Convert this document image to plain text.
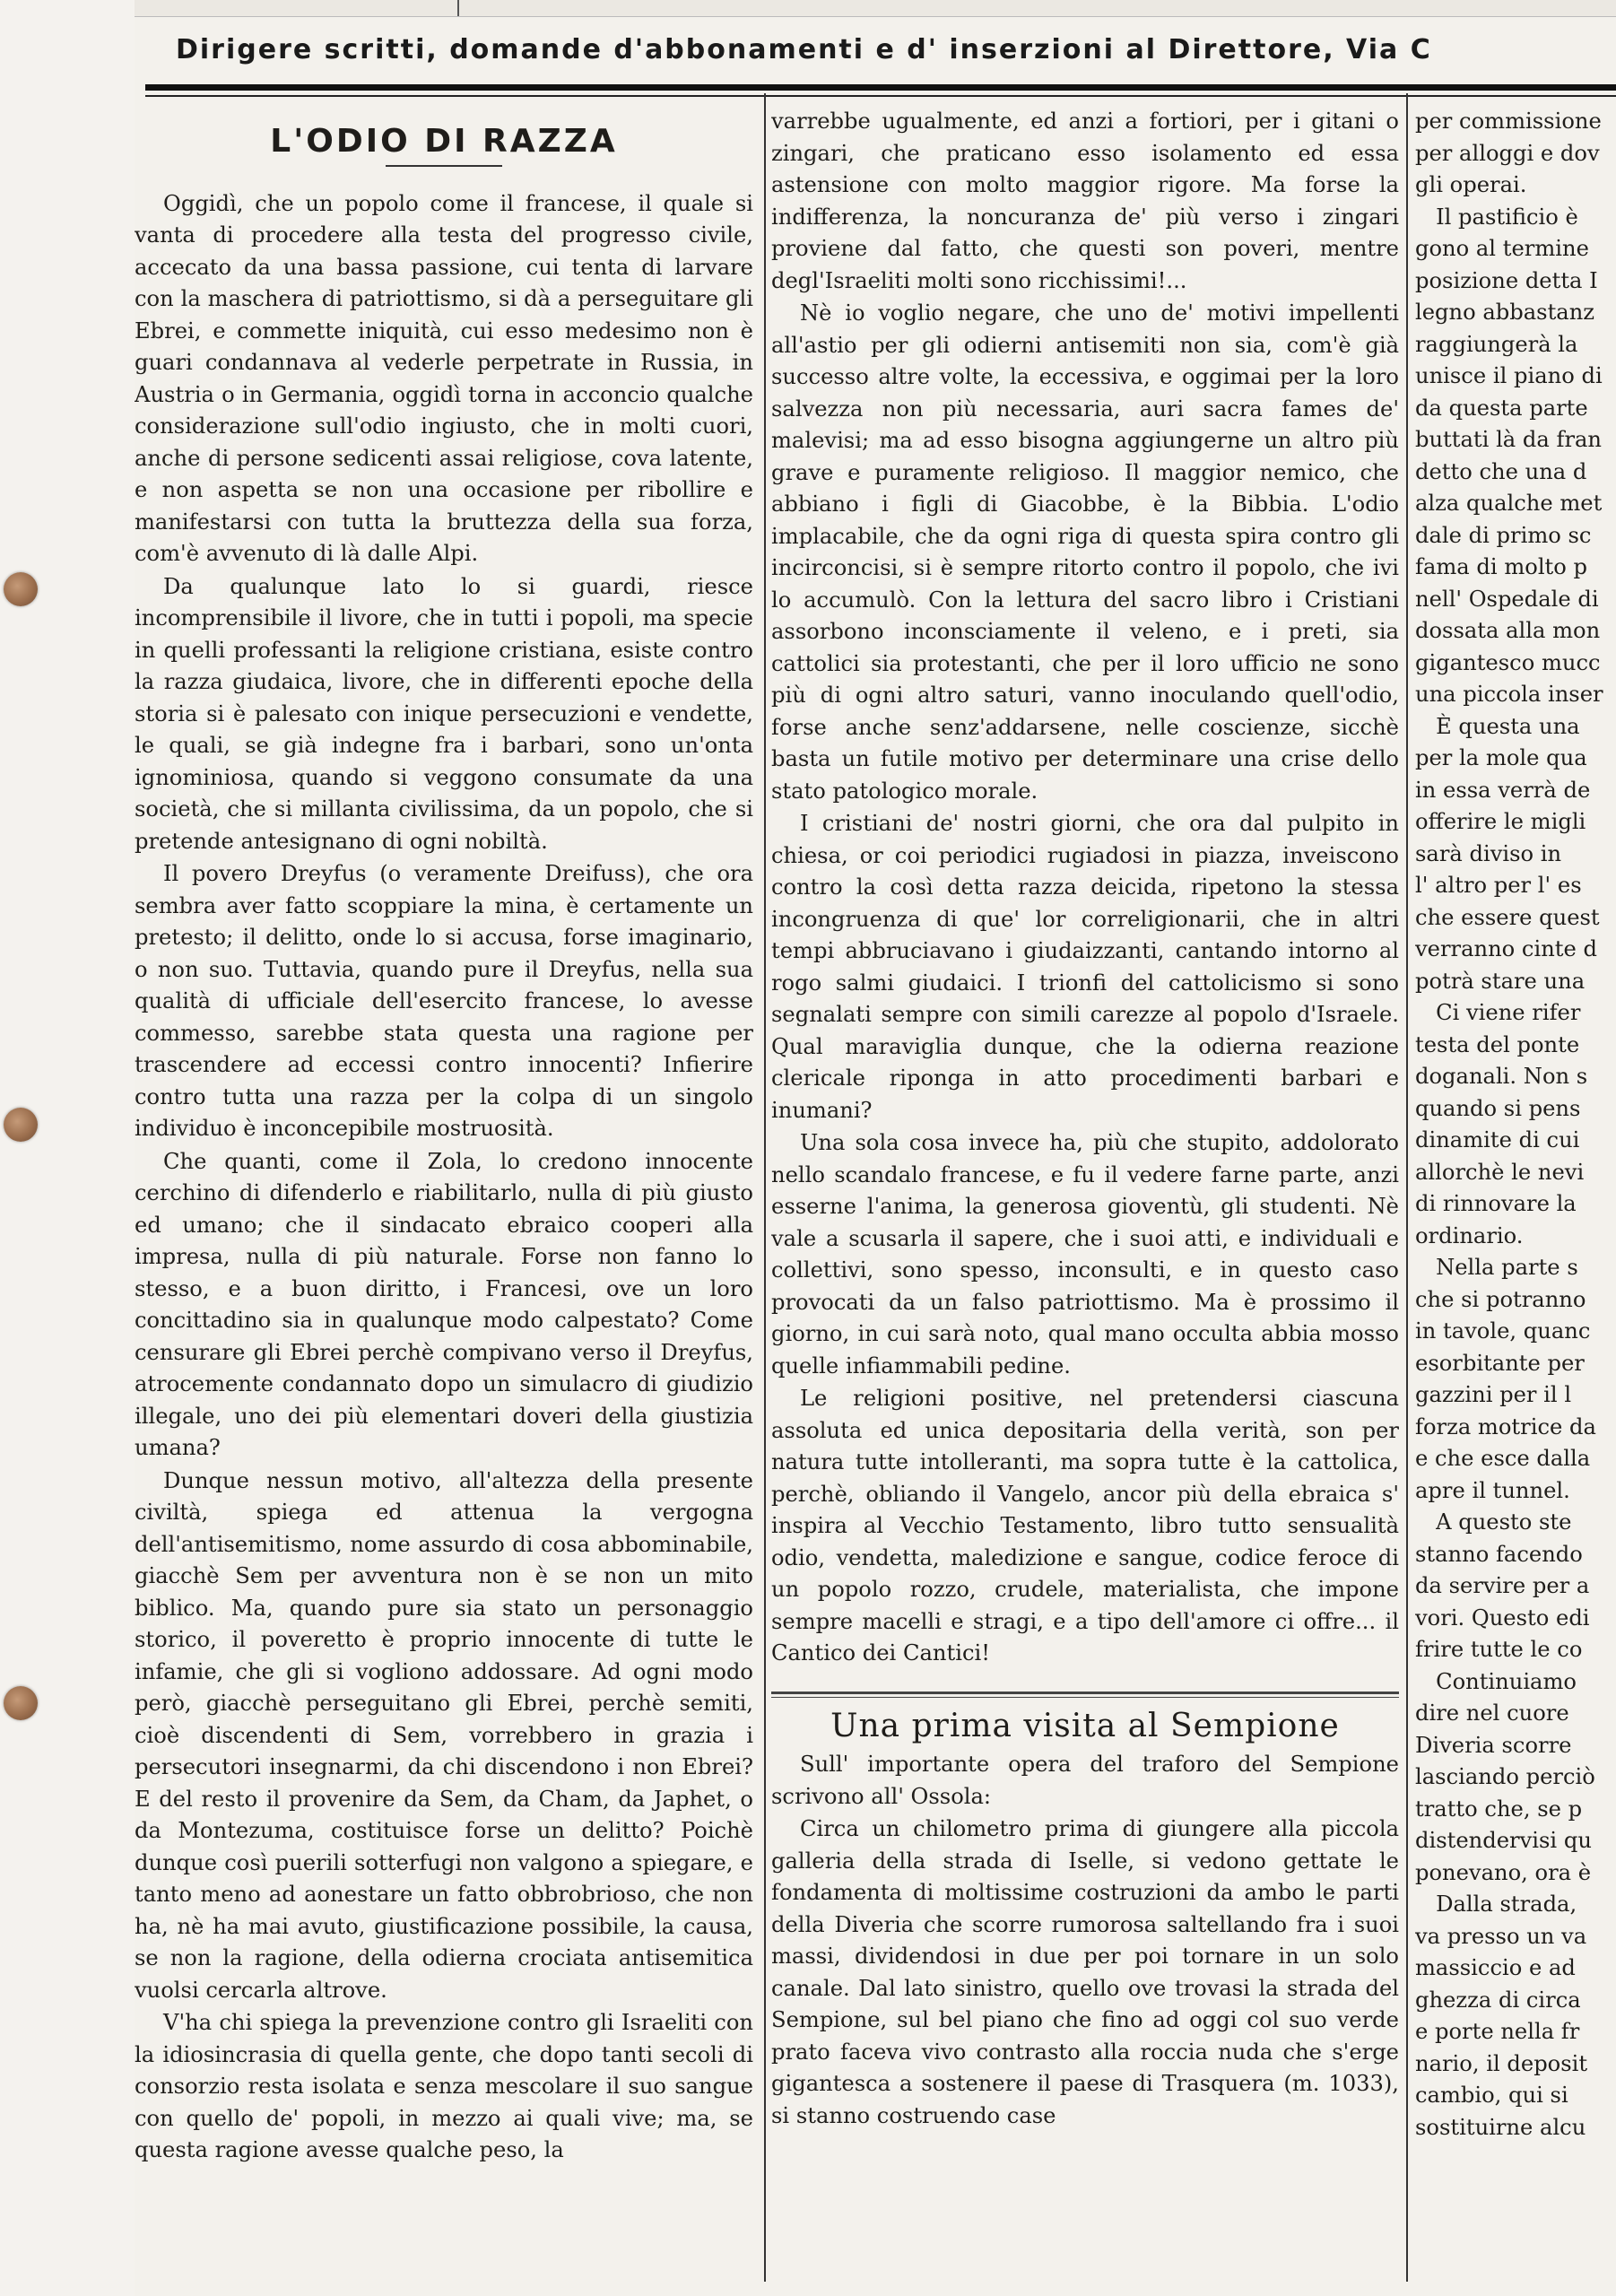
Dirigere scritti, domande d'abbonamenti e d' inserzioni al Direttore, Via C
L'ODIO DI RAZZA

Oggidì, che un popolo come il francese, il quale si vanta di procedere alla testa del progresso civile, accecato da una bassa passione, cui tenta di larvare con la maschera di patriottismo, si dà a perseguitare gli Ebrei, e commette iniquità, cui esso medesimo non è guari condannava al vederle perpetrate in Russia, in Austria o in Germania, oggidì torna in acconcio qualche considerazione sull'odio ingiusto, che in molti cuori, anche di persone sedicenti assai religiose, cova latente, e non aspetta se non una occasione per ribollire e manifestarsi con tutta la bruttezza della sua forza, com'è avvenuto di là dalle Alpi.

Da qualunque lato lo si guardi, riesce incomprensibile il livore, che in tutti i popoli, ma specie in quelli professanti la religione cristiana, esiste contro la razza giudaica, livore, che in differenti epoche della storia si è palesato con inique persecuzioni e vendette, le quali, se già indegne fra i barbari, sono un'onta ignominiosa, quando si veggono consumate da una società, che si millanta civilissima, da un popolo, che si pretende antesignano di ogni nobiltà.

Il povero Dreyfus (o veramente Dreifuss), che ora sembra aver fatto scoppiare la mina, è certamente un pretesto; il delitto, onde lo si accusa, forse imaginario, o non suo. Tuttavia, quando pure il Dreyfus, nella sua qualità di ufficiale dell'esercito francese, lo avesse commesso, sarebbe stata questa una ragione per trascendere ad eccessi contro innocenti? Infierire contro tutta una razza per la colpa di un singolo individuo è inconcepibile mostruosità.

Che quanti, come il Zola, lo credono innocente cerchino di difenderlo e riabilitarlo, nulla di più giusto ed umano; che il sindacato ebraico cooperi alla impresa, nulla di più naturale. Forse non fanno lo stesso, e a buon diritto, i Francesi, ove un loro concittadino sia in qualunque modo calpestato? Come censurare gli Ebrei perchè compivano verso il Dreyfus, atrocemente condannato dopo un simulacro di giudizio illegale, uno dei più elementari doveri della giustizia umana?

Dunque nessun motivo, all'altezza della presente civiltà, spiega ed attenua la vergogna dell'antisemitismo, nome assurdo di cosa abbominabile, giacchè Sem per avventura non è se non un mito biblico. Ma, quando pure sia stato un personaggio storico, il poveretto è proprio innocente di tutte le infamie, che gli si vogliono addossare. Ad ogni modo però, giacchè perseguitano gli Ebrei, perchè semiti, cioè discendenti di Sem, vorrebbero in grazia i persecutori insegnarmi, da chi discendono i non Ebrei? E del resto il provenire da Sem, da Cham, da Japhet, o da Montezuma, costituisce forse un delitto? Poichè dunque così puerili sotterfugi non valgono a spiegare, e tanto meno ad aonestare un fatto obbrobrioso, che non ha, nè ha mai avuto, giustificazione possibile, la causa, se non la ragione, della odierna crociata antisemitica vuolsi cercarla altrove.

V'ha chi spiega la prevenzione contro gli Israeliti con la idiosincrasia di quella gente, che dopo tanti secoli di consorzio resta isolata e senza mescolare il suo sangue con quello de' popoli, in mezzo ai quali vive; ma, se questa ragione avesse qualche peso, la

varrebbe ugualmente, ed anzi a fortiori, per i gitani o zingari, che praticano esso isolamento ed essa astensione con molto maggior rigore. Ma forse la indifferenza, la noncuranza de' più verso i zingari proviene dal fatto, che questi son poveri, mentre degl'Israeliti molti sono ricchissimi!...

Nè io voglio negare, che uno de' motivi impellenti all'astio per gli odierni antisemiti non sia, com'è già successo altre volte, la eccessiva, e oggimai per la loro salvezza non più necessaria, auri sacra fames de' malevisi; ma ad esso bisogna aggiungerne un altro più grave e puramente religioso. Il maggior nemico, che abbiano i figli di Giacobbe, è la Bibbia. L'odio implacabile, che da ogni riga di questa spira contro gli incirconcisi, si è sempre ritorto contro il popolo, che ivi lo accumulò. Con la lettura del sacro libro i Cristiani assorbono inconsciamente il veleno, e i preti, sia cattolici sia protestanti, che per il loro ufficio ne sono più di ogni altro saturi, vanno inoculando quell'odio, forse anche senz'addarsene, nelle coscienze, sicchè basta un futile motivo per determinare una crise dello stato patologico morale.

I cristiani de' nostri giorni, che ora dal pulpito in chiesa, or coi periodici rugiadosi in piazza, inveiscono contro la così detta razza deicida, ripetono la stessa incongruenza di que' lor correligionarii, che in altri tempi abbruciavano i giudaizzanti, cantando intorno al rogo salmi giudaici. I trionfi del cattolicismo si sono segnalati sempre con simili carezze al popolo d'Israele. Qual maraviglia dunque, che la odierna reazione clericale riponga in atto procedimenti barbari e inumani?

Una sola cosa invece ha, più che stupito, addolorato nello scandalo francese, e fu il vedere farne parte, anzi esserne l'anima, la generosa gioventù, gli studenti. Nè vale a scusarla il sapere, che i suoi atti, e individuali e collettivi, sono spesso, inconsulti, e in questo caso provocati da un falso patriottismo. Ma è prossimo il giorno, in cui sarà noto, qual mano occulta abbia mosso quelle infiammabili pedine.

Le religioni positive, nel pretendersi ciascuna assoluta ed unica depositaria della verità, son per natura tutte intolleranti, ma sopra tutte è la cattolica, perchè, obliando il Vangelo, ancor più della ebraica s' inspira al Vecchio Testamento, libro tutto sensualità odio, vendetta, maledizione e sangue, codice feroce di un popolo rozzo, crudele, materialista, che impone sempre macelli e stragi, e a tipo dell'amore ci offre... il Cantico dei Cantici!

Una prima visita al Sempione

Sull' importante opera del traforo del Sempione scrivono all' Ossola:

Circa un chilometro prima di giungere alla piccola galleria della strada di Iselle, si vedono gettate le fondamenta di moltissime costruzioni da ambo le parti della Diveria che scorre rumorosa saltellando fra i suoi massi, dividendosi in due per poi tornare in un solo canale. Dal lato sinistro, quello ove trovasi la strada del Sempione, sul bel piano che fino ad oggi col suo verde prato faceva vivo contrasto alla roccia nuda che s'erge gigantesca a sostenere il paese di Trasquera (m. 1033), si stanno costruendo case

per commissione
per alloggi e dov
gli operai.
Il pastificio è
gono al termine
posizione detta I
legno abbastanz
raggiungerà la
unisce il piano di
da questa parte
buttati là da fran
detto che una d
alza qualche met
dale di primo sc
fama di molto p
nell' Ospedale di
dossata alla mon
gigantesco mucc
una piccola inser
È questa una
per la mole qua
in essa verrà de
offerire le migli
sarà diviso in
l' altro per l' es
che essere quest
verranno cinte d
potrà stare una
Ci viene rifer
testa del ponte
doganali. Non s
quando si pens
dinamite di cui
allorchè le nevi
di rinnovare la
ordinario.
Nella parte s
che si potranno
in tavole, quanc
esorbitante per
gazzini per il l
forza motrice da
e che esce dalla
apre il tunnel.
A questo ste
stanno facendo
da servire per a
vori. Questo edi
frire tutte le co
Continuiamo
dire nel cuore
Diveria scorre
lasciando perciò
tratto che, se p
distendervisi qu
ponevano, ora è
Dalla strada,
va presso un va
massiccio e ad
ghezza di circa
e porte nella fr
nario, il deposit
cambio, qui si
sostituirne alcu
